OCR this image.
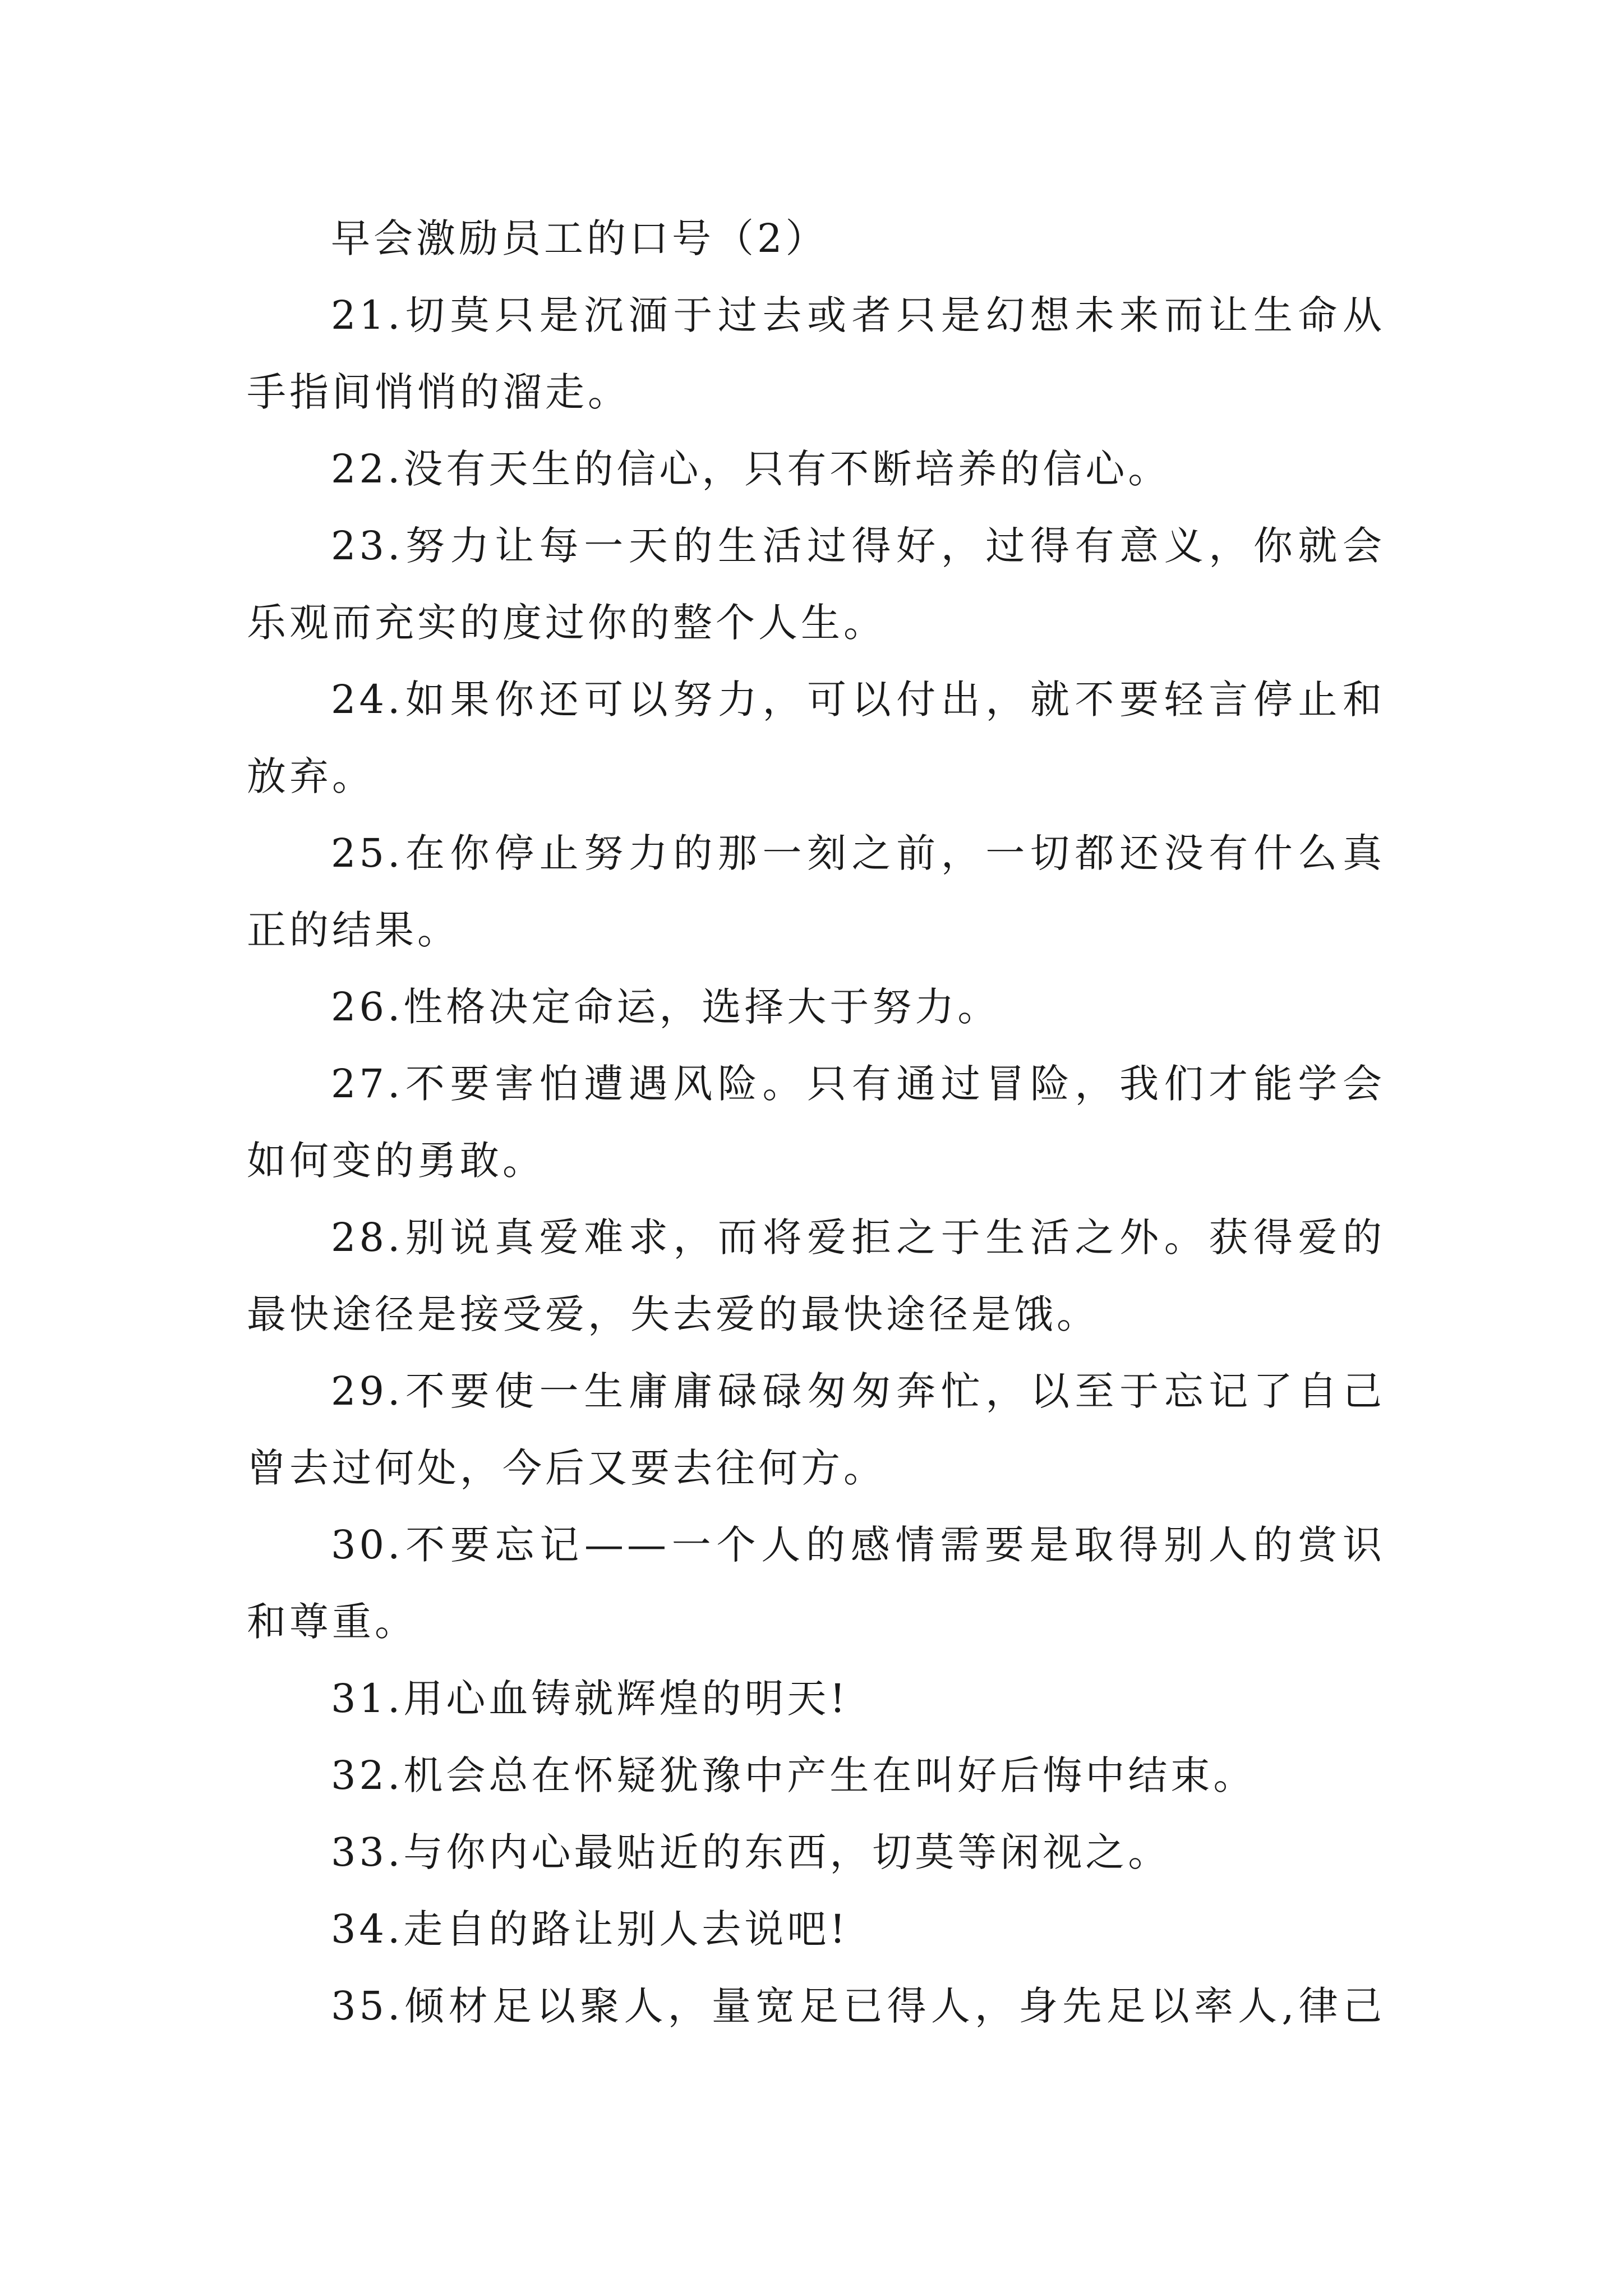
早会激励员工的口号（2）
21.切莫只是沉湎于过去或者只是幻想未来而让生命从
手指间悄悄的溜走。
22.没有天生的信心，只有不断培养的信心。
23.努力让每一天的生活过得好，过得有意义，你就会
乐观而充实的度过你的整个人生。
24.如果你还可以努力，可以付出，就不要轻言停止和
放弃。
25.在你停止努力的那一刻之前，一切都还没有什么真
正的结果。
26.性格决定命运，选择大于努力。
27.不要害怕遭遇风险。只有通过冒险，我们才能学会
如何变的勇敢。
28.别说真爱难求，而将爱拒之于生活之外。获得爱的
最快途径是接受爱，失去爱的最快途径是饿。
29.不要使一生庸庸碌碌匆匆奔忙，以至于忘记了自己
曾去过何处，今后又要去往何方。
30.不要忘记——一个人的感情需要是取得别人的赏识
和尊重。
31.用心血铸就辉煌的明天!
32.机会总在怀疑犹豫中产生在叫好后悔中结束。
33.与你内心最贴近的东西，切莫等闲视之。
34.走自的路让别人去说吧!
35.倾材足以聚人，量宽足已得人，身先足以率人,律己
